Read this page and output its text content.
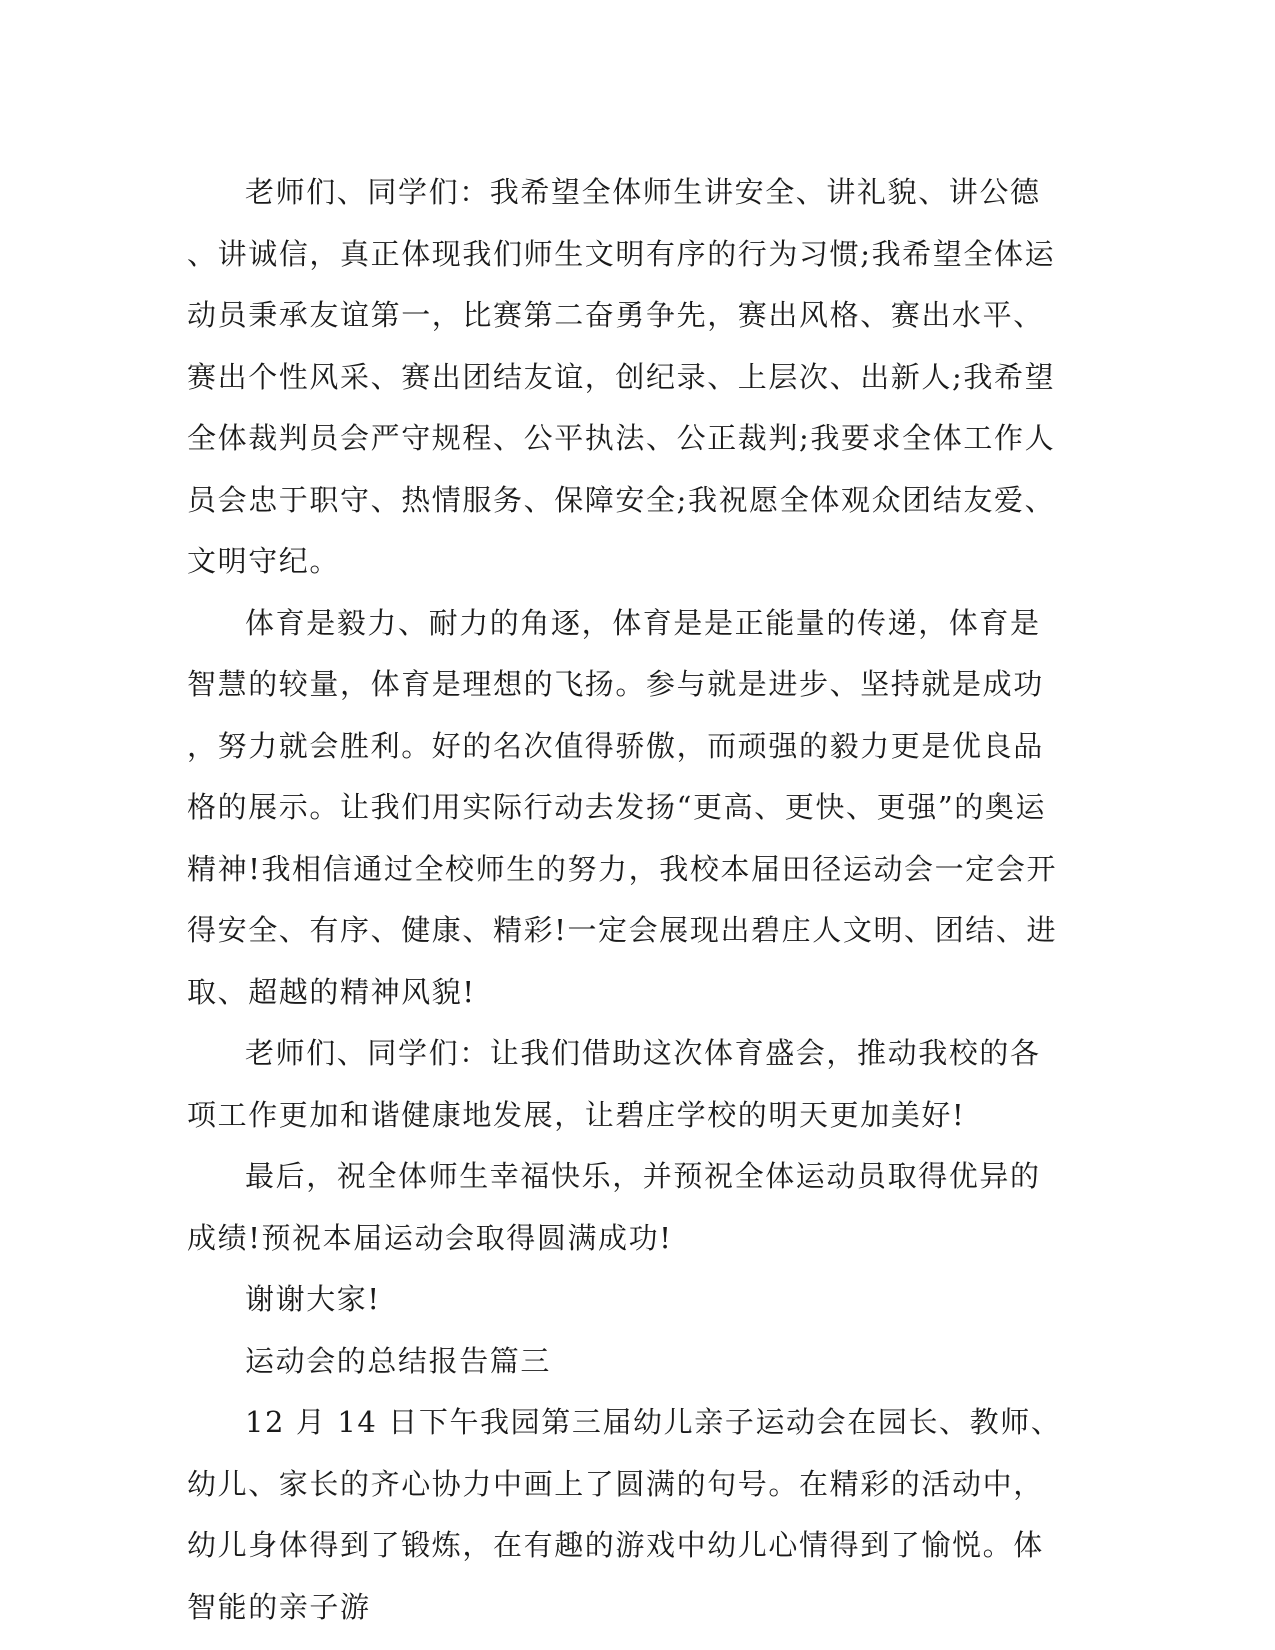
老师们、同学们：我希望全体师生讲安全、讲礼貌、讲公德、讲诚信，真正体现我们师生文明有序的行为习惯;我希望全体运动员秉承友谊第一，比赛第二奋勇争先，赛出风格、赛出水平、赛出个性风采、赛出团结友谊，创纪录、上层次、出新人;我希望全体裁判员会严守规程、公平执法、公正裁判;我要求全体工作人员会忠于职守、热情服务、保障安全;我祝愿全体观众团结友爱、文明守纪。

体育是毅力、耐力的角逐，体育是是正能量的传递，体育是智慧的较量，体育是理想的飞扬。参与就是进步、坚持就是成功，努力就会胜利。好的名次值得骄傲，而顽强的毅力更是优良品格的展示。让我们用实际行动去发扬“更高、更快、更强”的奥运精神!我相信通过全校师生的努力，我校本届田径运动会一定会开得安全、有序、健康、精彩!一定会展现出碧庄人文明、团结、进取、超越的精神风貌!

老师们、同学们：让我们借助这次体育盛会，推动我校的各项工作更加和谐健康地发展，让碧庄学校的明天更加美好!

最后，祝全体师生幸福快乐，并预祝全体运动员取得优异的成绩!预祝本届运动会取得圆满成功!

谢谢大家!

运动会的总结报告篇三

12 月 14 日下午我园第三届幼儿亲子运动会在园长、教师、幼儿、家长的齐心协力中画上了圆满的句号。在精彩的活动中，幼儿身体得到了锻炼，在有趣的游戏中幼儿心情得到了愉悦。体智能的亲子游
